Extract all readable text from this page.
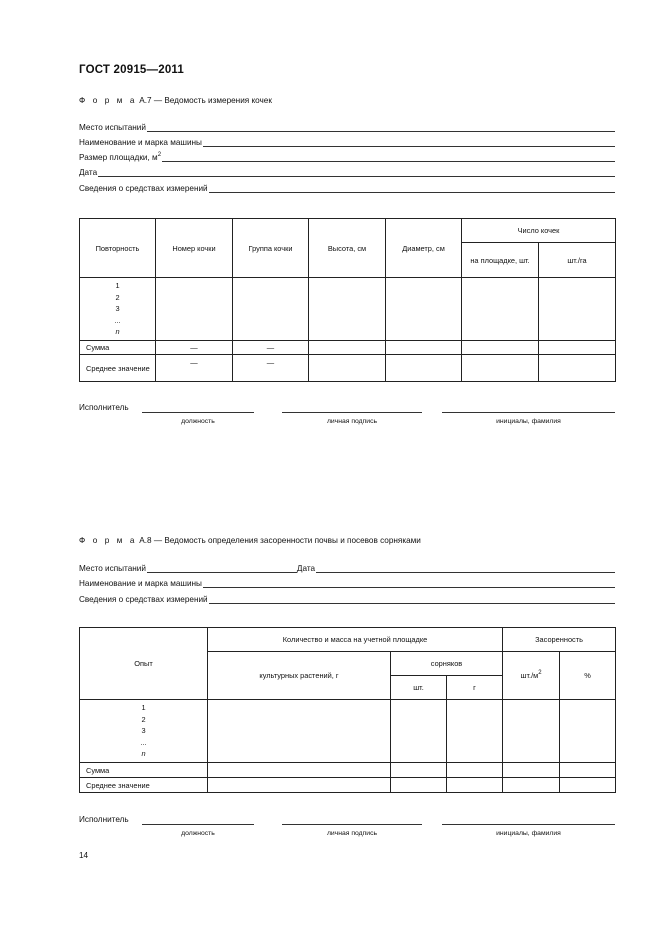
ГОСТ 20915—2011
Ф о р м а А.7 — Ведомость измерения кочек
Место испытаний
Наименование и марка машины
Размер площадки, $м^2$
Дата
Сведения о средствах измерений
Повторность	Номер кочки	Группа кочки	Высота, см	Диаметр, см	Число кочек	
					на площадке, шт.	шт./га

1
2
3
...
n						

Сумма	—	—				
Среднее значение	—	—				
Исполнитель
должность	личная подпись	инициалы, фамилия
Ф о р м а А.8 — Ведомость определения засоренности почвы и посевов сорняками
Место испытаний	Дата
Наименование и марка машины
Сведения о средствах измерений
Опыт	Количество и масса на учетной площадке			Засоренность	
	культурных растений, г	сорняков		$шт./м^2$	%
		шт.	г		

1
2
3
...
n					

Сумма					
Среднее значение					
Исполнитель
должность	личная подпись	инициалы, фамилия
14
